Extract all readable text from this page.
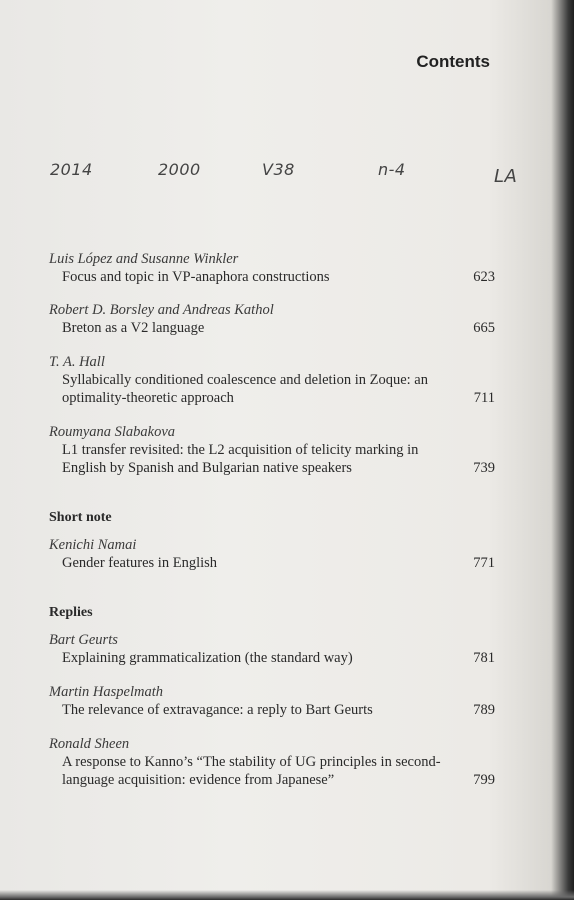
Contents
2014	2000	V38	n-4	LA
Luis López and Susanne Winkler
Focus and topic in VP-anaphora constructions	623
Robert D. Borsley and Andreas Kathol
Breton as a V2 language	665
T. A. Hall
Syllabically conditioned coalescence and deletion in Zoque: an optimality-theoretic approach	711
Roumyana Slabakova
L1 transfer revisited: the L2 acquisition of telicity marking in English by Spanish and Bulgarian native speakers	739
Short note
Kenichi Namai
Gender features in English	771
Replies
Bart Geurts
Explaining grammaticalization (the standard way)	781
Martin Haspelmath
The relevance of extravagance: a reply to Bart Geurts	789
Ronald Sheen
A response to Kanno’s “The stability of UG principles in second-language acquisition: evidence from Japanese”	799
